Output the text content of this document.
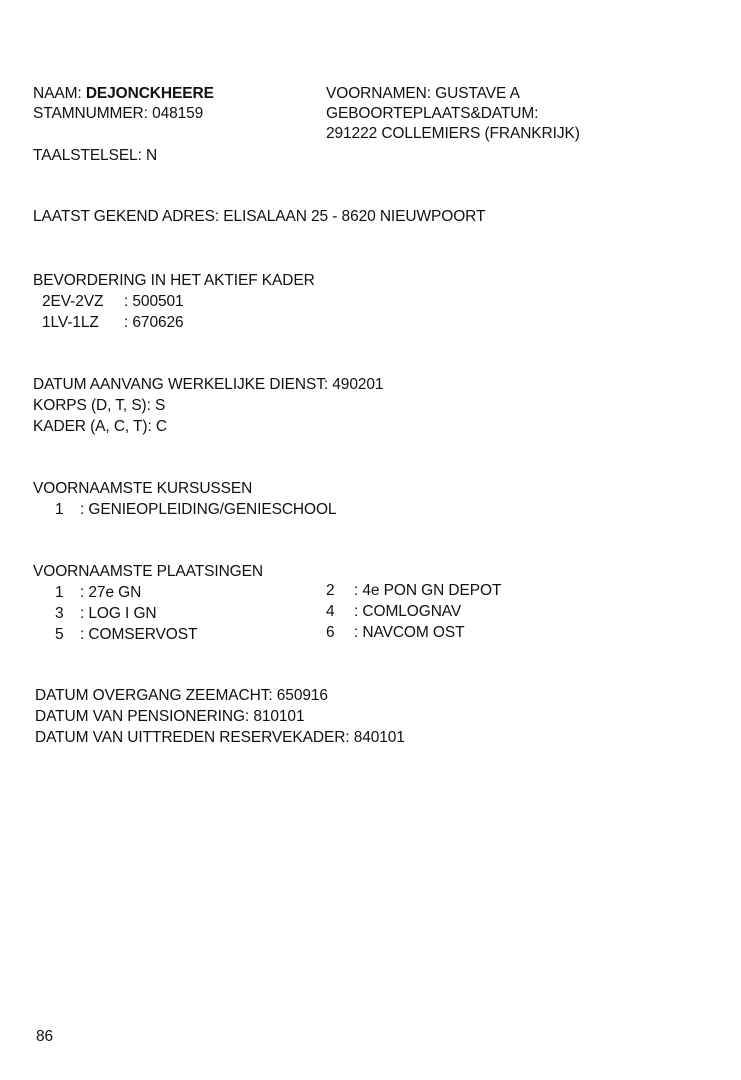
NAAM: DEJONCKHEERE
STAMNUMMER: 048159
VOORNAMEN: GUSTAVE A
GEBOORTEPLAATS&DATUM:
291222 COLLEMIERS (FRANKRIJK)
TAALSTELSEL: N
LAATST GEKEND ADRES: ELISALAAN 25 - 8620 NIEUWPOORT
BEVORDERING IN HET AKTIEF KADER
2EV-2VZ : 500501
1LV-1LZ : 670626
DATUM AANVANG WERKELIJKE DIENST: 490201
KORPS (D, T, S): S
KADER (A, C, T): C
VOORNAAMSTE KURSUSSEN
1 : GENIEOPLEIDING/GENIESCHOOL
VOORNAAMSTE PLAATSINGEN
1 : 27e GN	2 : 4e PON GN DEPOT
3 : LOG I GN	4 : COMLOGNAV
5 : COMSERVOST	6 : NAVCOM OST
DATUM OVERGANG ZEEMACHT: 650916
DATUM VAN PENSIONERING: 810101
DATUM VAN UITTREDEN RESERVEKADER: 840101
86
